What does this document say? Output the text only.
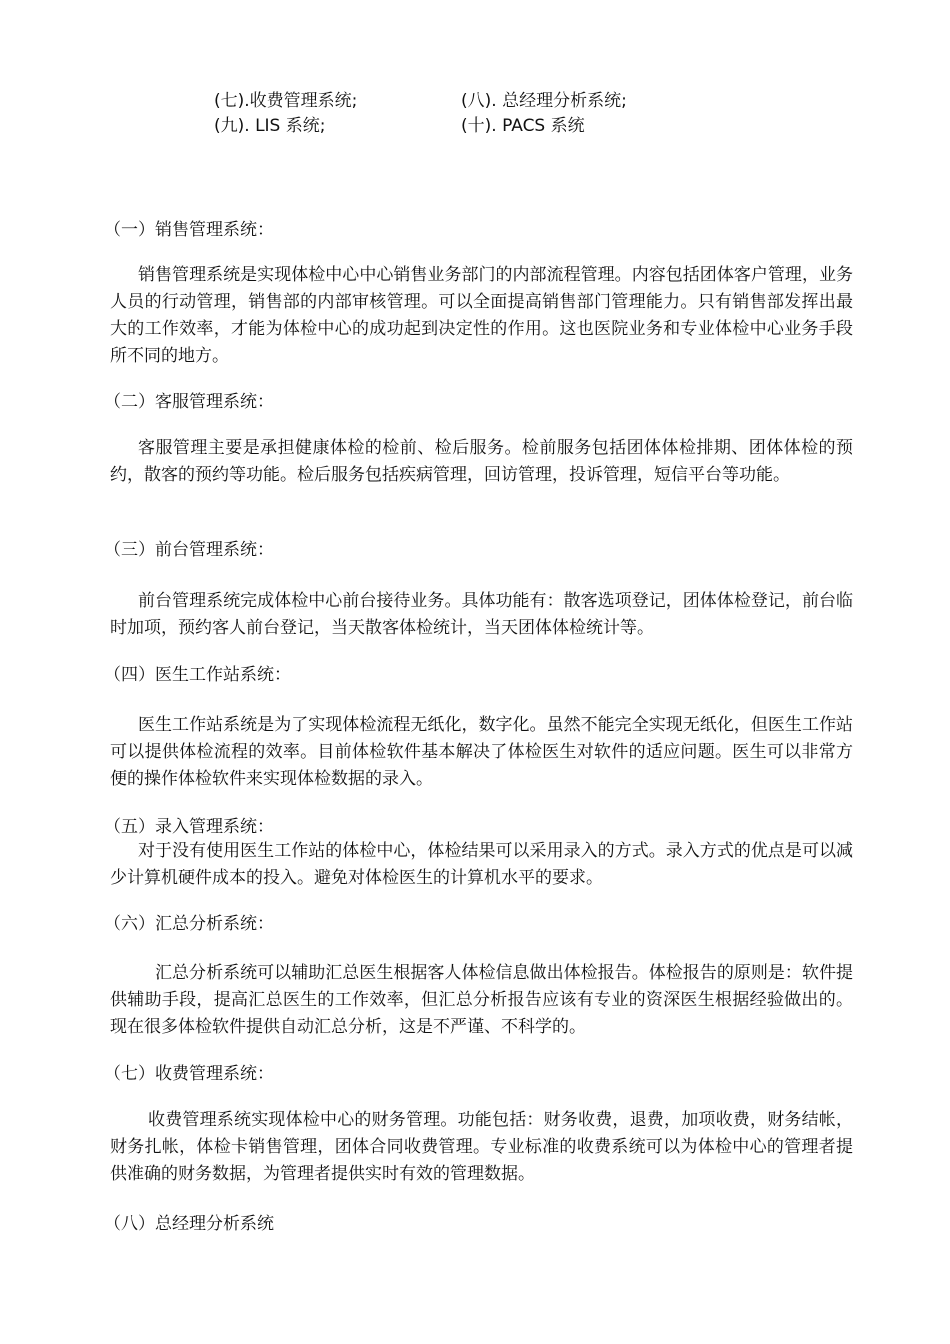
(七).收费管理系统;	(八). 总经理分析系统;
(九). LIS 系统;	(十). PACS 系统
（一）销售管理系统：
销售管理系统是实现体检中心中心销售业务部门的内部流程管理。内容包括团体客户管理，业务人员的行动管理，销售部的内部审核管理。可以全面提高销售部门管理能力。只有销售部发挥出最大的工作效率，才能为体检中心的成功起到决定性的作用。这也医院业务和专业体检中心业务手段所不同的地方。
（二）客服管理系统：
客服管理主要是承担健康体检的检前、检后服务。检前服务包括团体体检排期、团体体检的预约，散客的预约等功能。检后服务包括疾病管理，回访管理，投诉管理，短信平台等功能。
（三）前台管理系统：
前台管理系统完成体检中心前台接待业务。具体功能有：散客选项登记，团体体检登记，前台临时加项，预约客人前台登记，当天散客体检统计，当天团体体检统计等。
（四）医生工作站系统：
医生工作站系统是为了实现体检流程无纸化，数字化。虽然不能完全实现无纸化，但医生工作站可以提供体检流程的效率。目前体检软件基本解决了体检医生对软件的适应问题。医生可以非常方便的操作体检软件来实现体检数据的录入。
（五）录入管理系统：
对于没有使用医生工作站的体检中心，体检结果可以采用录入的方式。录入方式的优点是可以减少计算机硬件成本的投入。避免对体检医生的计算机水平的要求。
（六）汇总分析系统：
汇总分析系统可以辅助汇总医生根据客人体检信息做出体检报告。体检报告的原则是：软件提供辅助手段，提高汇总医生的工作效率，但汇总分析报告应该有专业的资深医生根据经验做出的。现在很多体检软件提供自动汇总分析，这是不严谨、不科学的。
（七）收费管理系统：
收费管理系统实现体检中心的财务管理。功能包括：财务收费，退费，加项收费，财务结帐，财务扎帐，体检卡销售管理，团体合同收费管理。专业标准的收费系统可以为体检中心的管理者提供准确的财务数据，为管理者提供实时有效的管理数据。
（八）总经理分析系统
